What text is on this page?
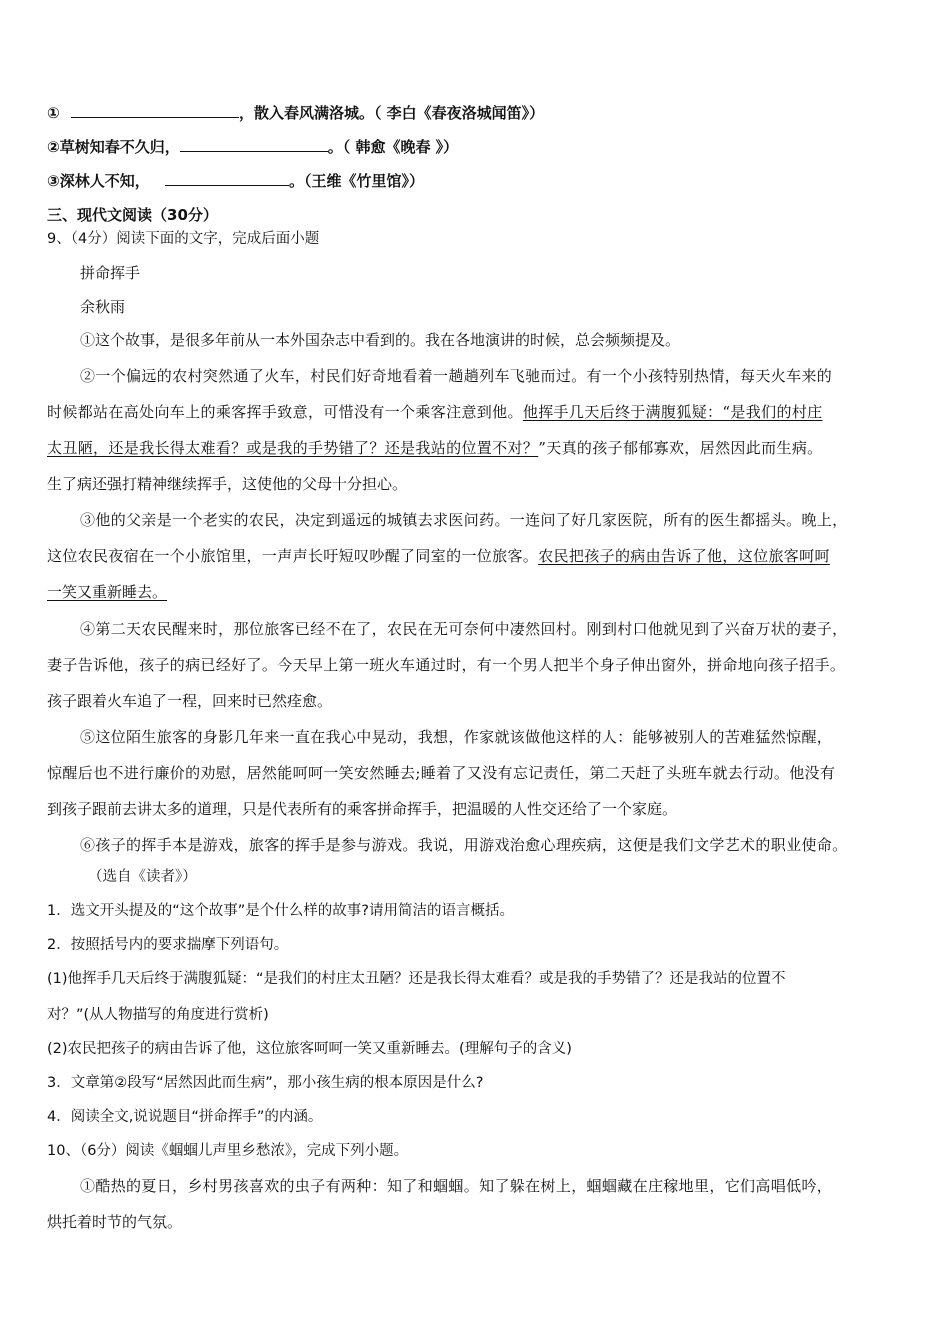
①	，散入春风满洛城。（ 李白《春夜洛城闻笛》）
②草树知春不久归，	。（ 韩愈《晚春 》）
③深林人不知，	。（王维《竹里馆》）
三、现代文阅读（30分）
9、（4分）阅读下面的文字，完成后面小题
拼命挥手
余秋雨
①这个故事，是很多年前从一本外国杂志中看到的。我在各地演讲的时候，总会频频提及。
②一个偏远的农村突然通了火车，村民们好奇地看着一趟趟列车飞驰而过。有一个小孩特别热情，每天火车来的
时候都站在高处向车上的乘客挥手致意，可惜没有一个乘客注意到他。他挥手几天后终于满腹狐疑：“是我们的村庄
太丑陋，还是我长得太难看？或是我的手势错了？还是我站的位置不对？”天真的孩子郁郁寡欢，居然因此而生病。
生了病还强打精神继续挥手，这使他的父母十分担心。
③他的父亲是一个老实的农民，决定到遥远的城镇去求医问药。一连问了好几家医院，所有的医生都摇头。晚上，
这位农民夜宿在一个小旅馆里，一声声长吁短叹吵醒了同室的一位旅客。农民把孩子的病由告诉了他，这位旅客呵呵
一笑又重新睡去。
④第二天农民醒来时，那位旅客已经不在了，农民在无可奈何中凄然回村。刚到村口他就见到了兴奋万状的妻子，
妻子告诉他，孩子的病已经好了。今天早上第一班火车通过时，有一个男人把半个身子伸出窗外，拼命地向孩子招手。
孩子跟着火车追了一程，回来时已然痊愈。
⑤这位陌生旅客的身影几年来一直在我心中晃动，我想，作家就该做他这样的人：能够被别人的苦难猛然惊醒，
惊醒后也不进行廉价的劝慰，居然能呵呵一笑安然睡去;睡着了又没有忘记责任，第二天赶了头班车就去行动。他没有
到孩子跟前去讲太多的道理，只是代表所有的乘客拼命挥手，把温暖的人性交还给了一个家庭。
⑥孩子的挥手本是游戏，旅客的挥手是参与游戏。我说，用游戏治愈心理疾病，这便是我们文学艺术的职业使命。
（选自《读者》）
1．选文开头提及的“这个故事”是个什么样的故事?请用简洁的语言概括。
2．按照括号内的要求揣摩下列语句。
(1)他挥手几天后终于满腹狐疑：“是我们的村庄太丑陋？还是我长得太难看？或是我的手势错了？还是我站的位置不
对？”(从人物描写的角度进行赏析)
(2)农民把孩子的病由告诉了他，这位旅客呵呵一笑又重新睡去。(理解句子的含义)
3．文章第②段写“居然因此而生病”，那小孩生病的根本原因是什么?
4．阅读全文,说说题目“拼命挥手”的内涵。
10、（6分）阅读《蝈蝈儿声里乡愁浓》，完成下列小题。
①酷热的夏日，乡村男孩喜欢的虫子有两种：知了和蝈蝈。知了躲在树上，蝈蝈藏在庄稼地里，它们高唱低吟，
烘托着时节的气氛。
